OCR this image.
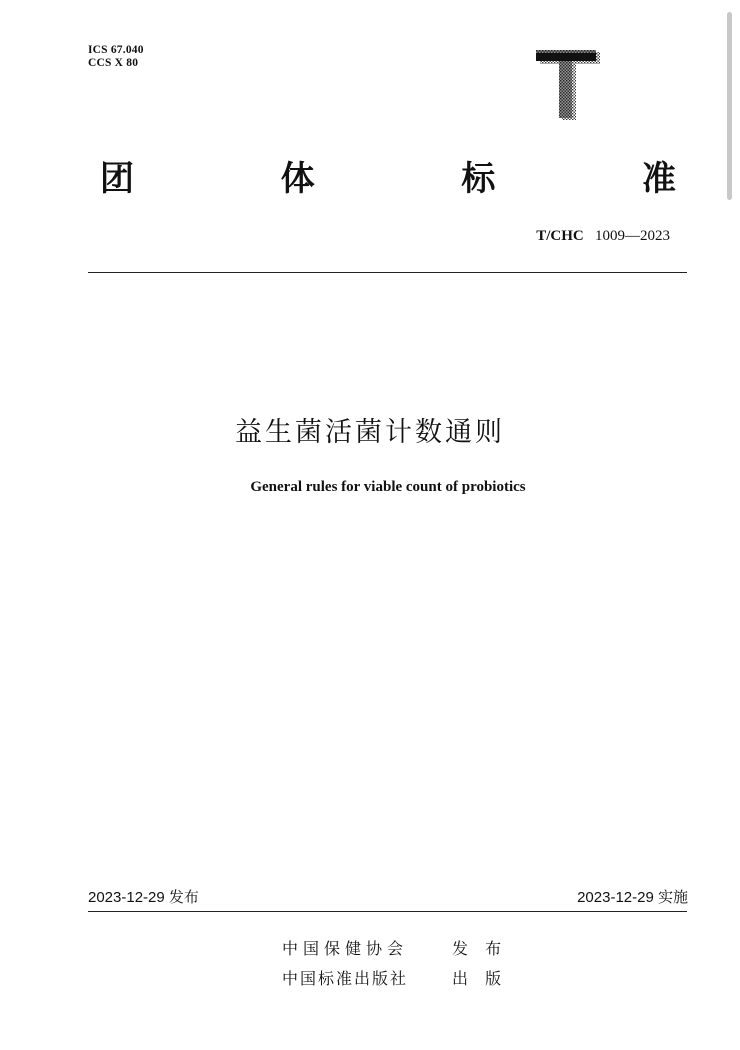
ICS 67.040
CCS X 80
团	体	标	准
T/CHC 1009—2023
益生菌活菌计数通则
General rules for viable count of probiotics
2023-12-29 发布	2023-12-29 实施
中国保健协会	发 布
中国标准出版社	出 版
